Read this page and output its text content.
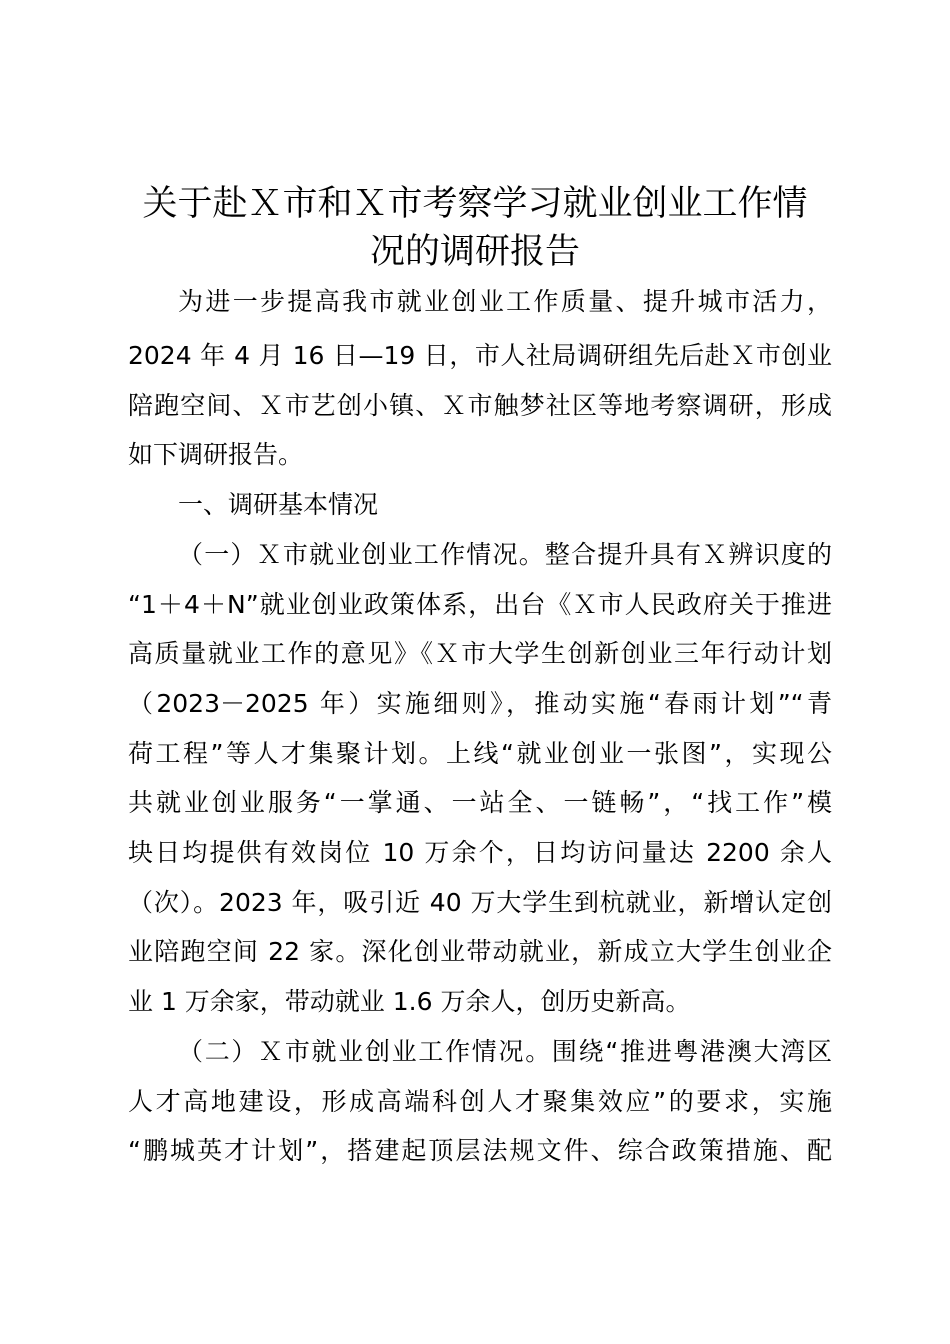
关于赴Ｘ市和Ｘ市考察学习就业创业工作情
况的调研报告
为进一步提高我市就业创业工作质量、提升城市活力，
2024 年 4 月 16 日—19 日，市人社局调研组先后赴Ｘ市创业
陪跑空间、Ｘ市艺创小镇、Ｘ市触梦社区等地考察调研，形成
如下调研报告。
一、调研基本情况
（一）Ｘ市就业创业工作情况。整合提升具有Ｘ辨识度的
“1＋4＋N”就业创业政策体系，出台《Ｘ市人民政府关于推进
高质量就业工作的意见》《Ｘ市大学生创新创业三年行动计划
（2023－2025 年）实施细则》，推动实施“春雨计划”“青
荷工程”等人才集聚计划。上线“就业创业一张图”，实现公
共就业创业服务“一掌通、一站全、一链畅”，“找工作”模
块日均提供有效岗位 10 万余个，日均访问量达 2200 余人
（次）。2023 年，吸引近 40 万大学生到杭就业，新增认定创
业陪跑空间 22 家。深化创业带动就业，新成立大学生创业企
业 1 万余家，带动就业 1.6 万余人，创历史新高。
（二）Ｘ市就业创业工作情况。围绕“推进粤港澳大湾区
人才高地建设，形成高端科创人才聚集效应”的要求，实施
“鹏城英才计划”，搭建起顶层法规文件、综合政策措施、配
